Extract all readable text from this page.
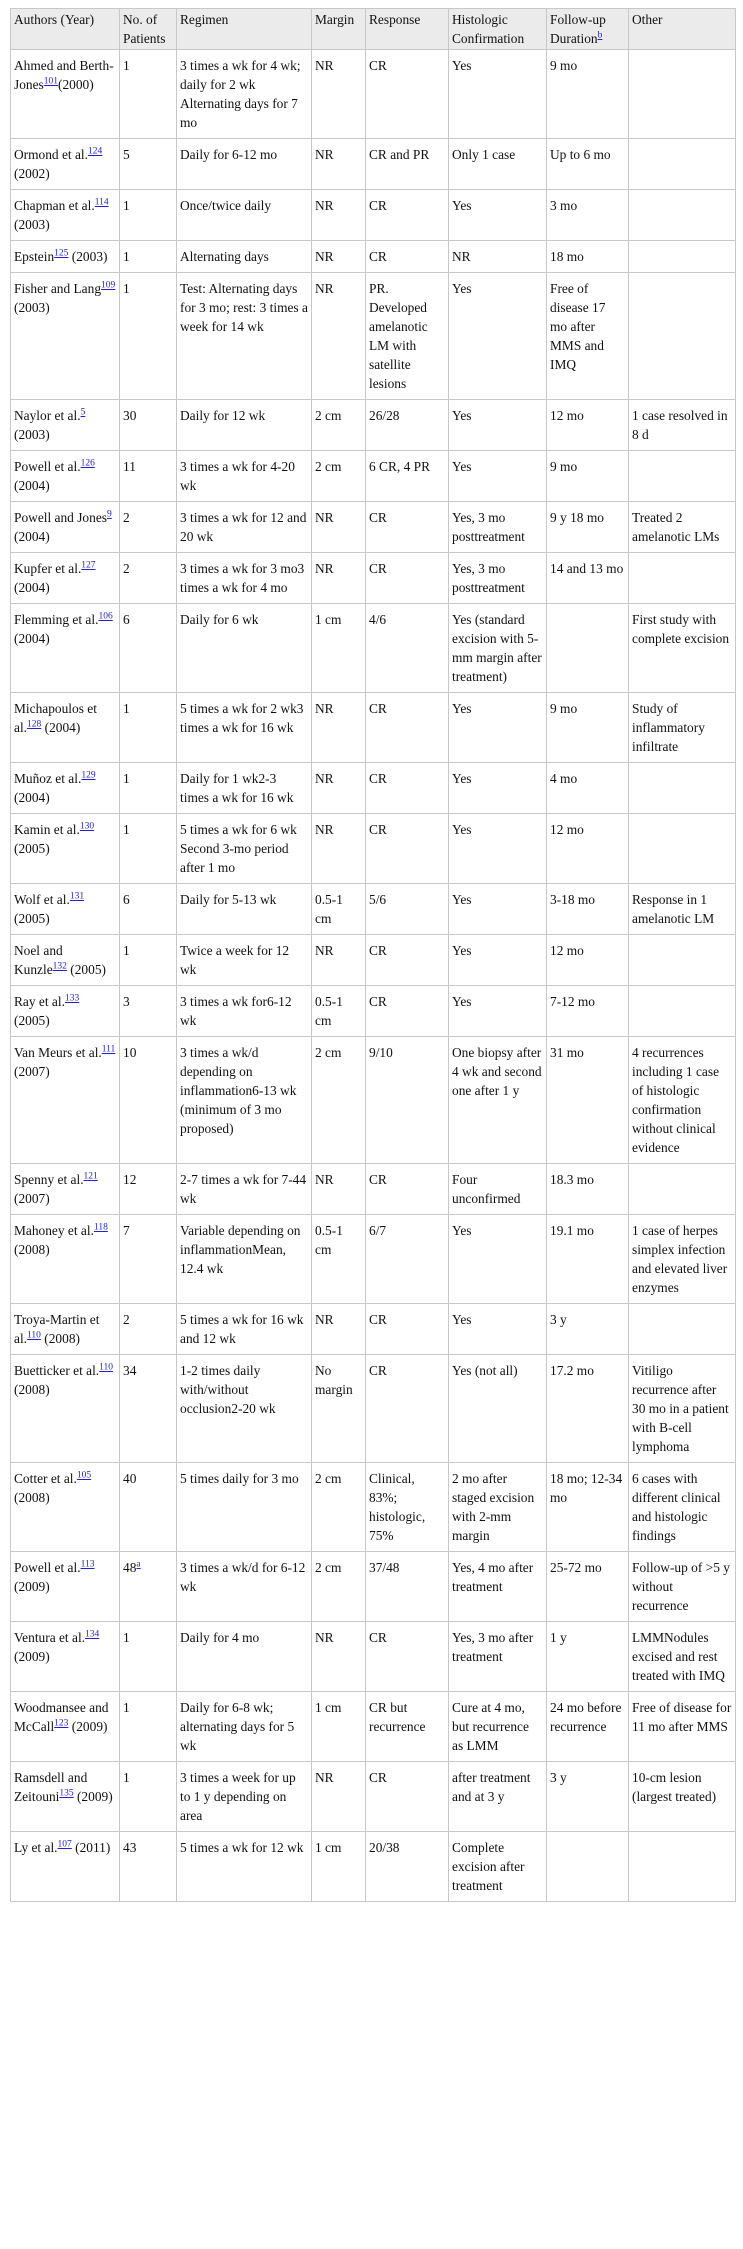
Authors (Year)	No. of Patients	Regimen	Margin	Response	Histologic Confirmation	Follow-up Duration$^b$	Other
Ahmed and Berth-Jones$^{101}$(2000)	1	3 times a wk for 4 wk; daily for 2 wk Alternating days for 7 mo	NR	CR	Yes	9 mo	
Ormond et al.$^{124}$ (2002)	5	Daily for 6-12 mo	NR	CR and PR	Only 1 case	Up to 6 mo	
Chapman et al.$^{114}$ (2003)	1	Once/twice daily	NR	CR	Yes	3 mo	
Epstein$^{125}$ (2003)	1	Alternating days	NR	CR	NR	18 mo	
Fisher and Lang$^{109}$ (2003)	1	Test: Alternating days for 3 mo; rest: 3 times a week for 14 wk	NR	PR. Developed amelanotic LM with satellite lesions	Yes	Free of disease 17 mo after MMS and IMQ	
Naylor et al.$^5$ (2003)	30	Daily for 12 wk	2 cm	26/28	Yes	12 mo	1 case resolved in 8 d
Powell et al.$^{126}$ (2004)	11	3 times a wk for 4-20 wk	2 cm	6 CR, 4 PR	Yes	9 mo	
Powell and Jones$^9$ (2004)	2	3 times a wk for 12 and 20 wk	NR	CR	Yes, 3 mo posttreatment	9 y 18 mo	Treated 2 amelanotic LMs
Kupfer et al.$^{127}$ (2004)	2	3 times a wk for 3 mo3 times a wk for 4 mo	NR	CR	Yes, 3 mo posttreatment	14 and 13 mo	
Flemming et al.$^{106}$ (2004)	6	Daily for 6 wk	1 cm	4/6	Yes (standard excision with 5-mm margin after treatment)		First study with complete excision
Michapoulos et al.$^{128}$ (2004)	1	5 times a wk for 2 wk3 times a wk for 16 wk	NR	CR	Yes	9 mo	Study of inflammatory infiltrate
Muñoz et al.$^{129}$ (2004)	1	Daily for 1 wk2-3 times a wk for 16 wk	NR	CR	Yes	4 mo	
Kamin et al.$^{130}$ (2005)	1	5 times a wk for 6 wk Second 3-mo period after 1 mo	NR	CR	Yes	12 mo	
Wolf et al.$^{131}$ (2005)	6	Daily for 5-13 wk	0.5-1 cm	5/6	Yes	3-18 mo	Response in 1 amelanotic LM
Noel and Kunzle$^{132}$ (2005)	1	Twice a week for 12 wk	NR	CR	Yes	12 mo	
Ray et al.$^{133}$ (2005)	3	3 times a wk for6-12 wk	0.5-1 cm	CR	Yes	7-12 mo	
Van Meurs et al.$^{111}$ (2007)	10	3 times a wk/d depending on inflammation6-13 wk (minimum of 3 mo proposed)	2 cm	9/10	One biopsy after 4 wk and second one after 1 y	31 mo	4 recurrences including 1 case of histologic confirmation without clinical evidence
Spenny et al.$^{121}$ (2007)	12	2-7 times a wk for 7-44 wk	NR	CR	Four unconfirmed	18.3 mo	
Mahoney et al.$^{118}$ (2008)	7	Variable depending on inflammationMean, 12.4 wk	0.5-1 cm	6/7	Yes	19.1 mo	1 case of herpes simplex infection and elevated liver enzymes
Troya-Martin et al.$^{110}$ (2008)	2	5 times a wk for 16 wk and 12 wk	NR	CR	Yes	3 y	
Buetticker et al.$^{110}$ (2008)	34	1-2 times daily with/without occlusion2-20 wk	No margin	CR	Yes (not all)	17.2 mo	Vitiligo recurrence after 30 mo in a patient with B-cell lymphoma
Cotter et al.$^{105}$ (2008)	40	5 times daily for 3 mo	2 cm	Clinical, 83%; histologic, 75%	2 mo after staged excision with 2-mm margin	18 mo; 12-34 mo	6 cases with different clinical and histologic findings
Powell et al.$^{113}$ (2009)	48$^a$	3 times a wk/d for 6-12 wk	2 cm	37/48	Yes, 4 mo after treatment	25-72 mo	Follow-up of >5 y without recurrence
Ventura et al.$^{134}$ (2009)	1	Daily for 4 mo	NR	CR	Yes, 3 mo after treatment	1 y	LMMNodules excised and rest treated with IMQ
Woodmansee and McCall$^{123}$ (2009)	1	Daily for 6-8 wk; alternating days for 5 wk	1 cm	CR but recurrence	Cure at 4 mo, but recurrence as LMM	24 mo before recurrence	Free of disease for 11 mo after MMS
Ramsdell and Zeitouni$^{135}$ (2009)	1	3 times a week for up to 1 y depending on area	NR	CR	after treatment and at 3 y	3 y	10-cm lesion (largest treated)
Ly et al.$^{107}$ (2011)	43	5 times a wk for 12 wk	1 cm	20/38	Complete excision after treatment		
